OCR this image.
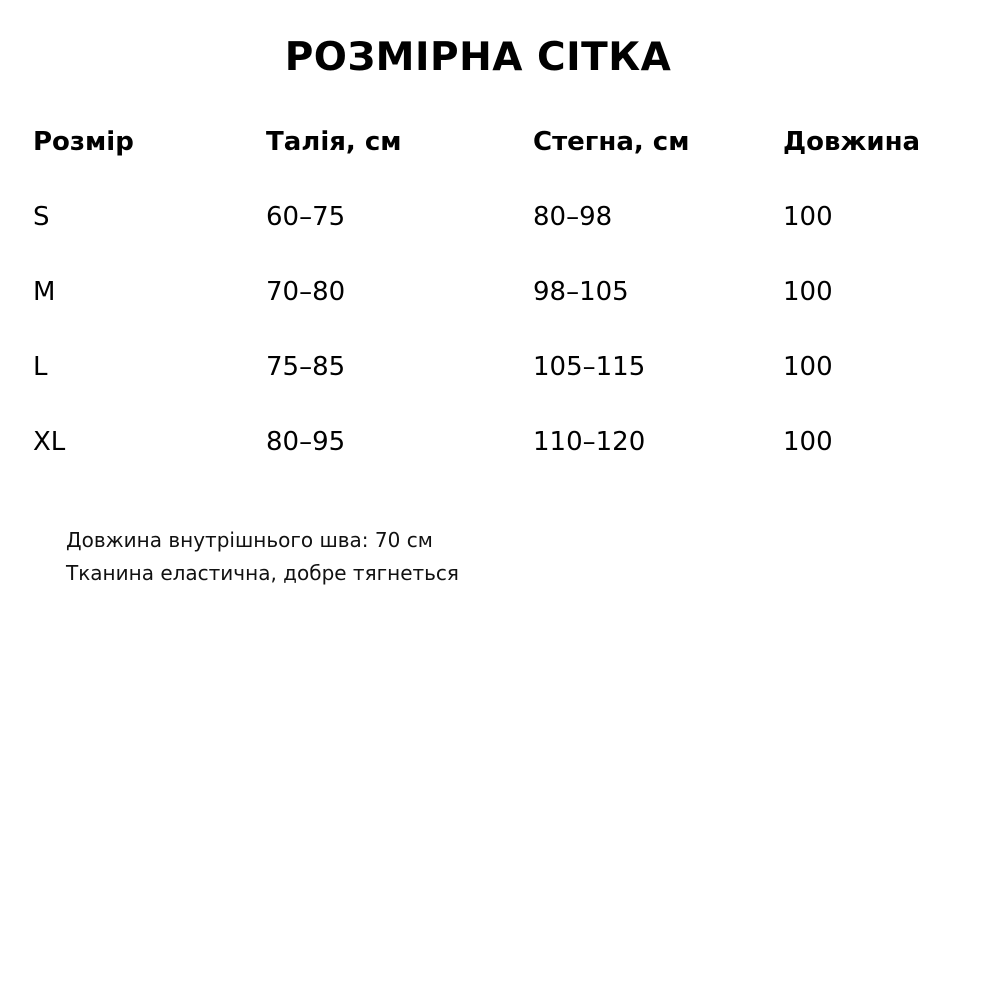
РОЗМІРНА СІТКА
Розмір	Талія, см	Стегна, см	Довжина
S	60–75	80–98	100
M	70–80	98–105	100
L	75–85	105–115	100
XL	80–95	110–120	100
Довжина внутрішнього шва: 70 см
Тканина еластична, добре тягнеться
